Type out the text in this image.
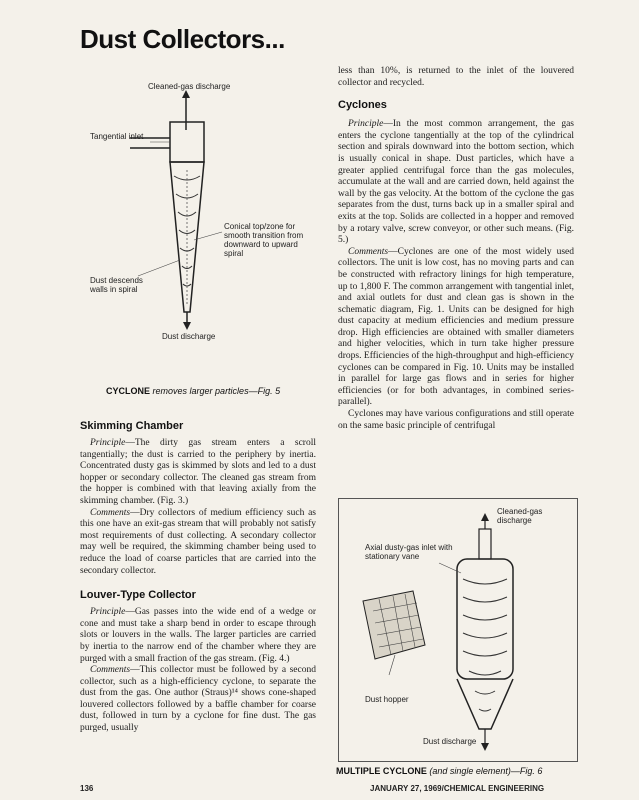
Dust Collectors...
Cleaned-gas discharge
Tangential inlet
Conical top/zone for smooth transition from downward to upward spiral
Dust descends walls in spiral
Dust discharge
CYCLONE removes larger particles—Fig. 5
Skimming Chamber

Principle—The dirty gas stream enters a scroll tangentially; the dust is carried to the periphery by inertia. Concentrated dusty gas is skimmed by slots and led to a dust hopper or secondary collector. The cleaned gas stream from the hopper is combined with that leaving axially from the skimming chamber. (Fig. 3.)

Comments—Dry collectors of medium efficiency such as this one have an exit-gas stream that will probably not satisfy most requirements of dust collecting. A secondary collector may well be required, the skimming chamber being used to reduce the load of coarse particles that are carried into the secondary collector.

Louver-Type Collector

Principle—Gas passes into the wide end of a wedge or cone and must take a sharp bend in order to escape through slots or louvers in the walls. The larger particles are carried by inertia to the narrow end of the chamber where they are purged with a small fraction of the gas stream. (Fig. 4.)

Comments—This collector must be followed by a second collector, such as a high-efficiency cyclone, to separate the dust from the gas. One author (Straus)¹⁴ shows cone-shaped louvered collectors followed by a baffle chamber for coarse dust, followed in turn by a cyclone for fine dust. The gas purged, usually

less than 10%, is returned to the inlet of the louvered collector and recycled.

Cyclones

Principle—In the most common arrangement, the gas enters the cyclone tangentially at the top of the cylindrical section and spirals downward into the bottom section, which is usually conical in shape. Dust particles, which have a greater applied centrifugal force than the gas molecules, accumulate at the wall and are carried down, held against the wall by the gas velocity. At the bottom of the cyclone the gas separates from the dust, turns back up in a smaller spiral and exits at the top. Solids are collected in a hopper and removed by a rotary valve, screw conveyor, or other such means. (Fig. 5.)

Comments—Cyclones are one of the most widely used collectors. The unit is low cost, has no moving parts and can be constructed with refractory linings for high temperature, up to 1,800 F. The common arrangement with tangential inlet, and axial outlets for dust and clean gas is shown in the schematic diagram, Fig. 1. Units can be designed for high dust capacity at medium efficiencies and medium pressure drop. High efficiencies are obtained with smaller diameters and higher velocities, which in turn take higher pressure drops. Efficiencies of the high-throughput and high-efficiency cyclones can be compared in Fig. 10. Units may be installed in parallel for large gas flows and in series for higher efficiencies (or for both advantages, in combined series-parallel).

Cyclones may have various configurations and still operate on the same basic principle of centrifugal

Cleaned-gas discharge
Axial dusty-gas inlet with stationary vane
Dust hopper
Dust discharge
MULTIPLE CYCLONE (and single element)—Fig. 6
136	JANUARY 27, 1969/CHEMICAL ENGINEERING
